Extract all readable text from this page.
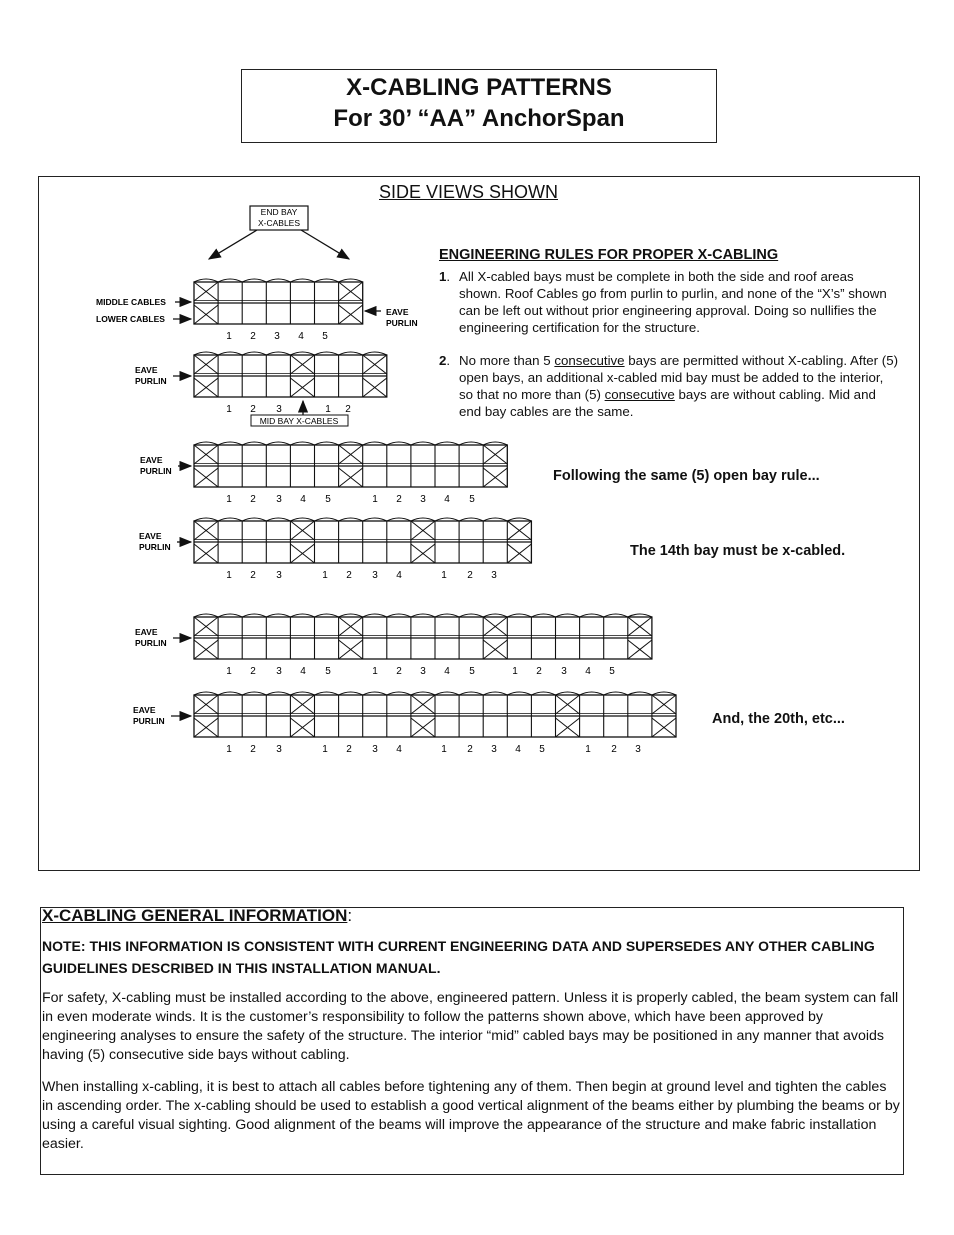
X-CABLING PATTERNS
For 30’ “AA” AnchorSpan
SIDE VIEWS SHOWN
END BAY
X-CABLES
MIDDLE CABLES
LOWER CABLES
EAVE
PURLIN
MID BAY X-CABLES
1 2 3 4 5
1 2 3	1 2
EAVE
PURLIN
1 2 3 4 5	1 2 3 4 5
EAVE
PURLIN
1 2 3	1 2 3 4	1 2 3
EAVE
PURLIN
1 2 3 4 5	1 2 3 4 5	1 2 3 4 5
EAVE
PURLIN
1 2 3	1 2 3 4	1 2 3 4 5	1 2 3
EAVE
PURLIN
ENGINEERING RULES FOR PROPER X-CABLING
1. All X-cabled bays must be complete in both the side and roof areas shown. Roof Cables go from purlin to purlin, and none of the “X’s” shown can be left out without prior engineering approval. Doing so nullifies the engineering certification for the structure.
2. No more than 5 consecutive bays are permitted without X-cabling. After (5) open bays, an additional x-cabled mid bay must be added to the interior, so that no more than (5) consecutive bays are without cabling. Mid and end bay cables are the same.
Following the same (5) open bay rule...
The 14th bay must be x-cabled.
And, the 20th, etc...
X-CABLING GENERAL INFORMATION:
NOTE: THIS INFORMATION IS CONSISTENT WITH CURRENT ENGINEERING DATA AND SUPERSEDES ANY OTHER CABLING GUIDELINES DESCRIBED IN THIS INSTALLATION MANUAL.
For safety, X-cabling must be installed according to the above, engineered pattern. Unless it is properly cabled, the beam system can fall in even moderate winds. It is the customer’s responsibility to follow the patterns shown above, which have been approved by engineering analyses to ensure the safety of the structure. The interior “mid” cabled bays may be positioned in any manner that avoids having (5) consecutive side bays without cabling.
When installing x-cabling, it is best to attach all cables before tightening any of them. Then begin at ground level and tighten the cables in ascending order. The x-cabling should be used to establish a good vertical alignment of the beams either by plumbing the beams or by using a careful visual sighting. Good alignment of the beams will improve the appearance of the structure and make fabric installation easier.
